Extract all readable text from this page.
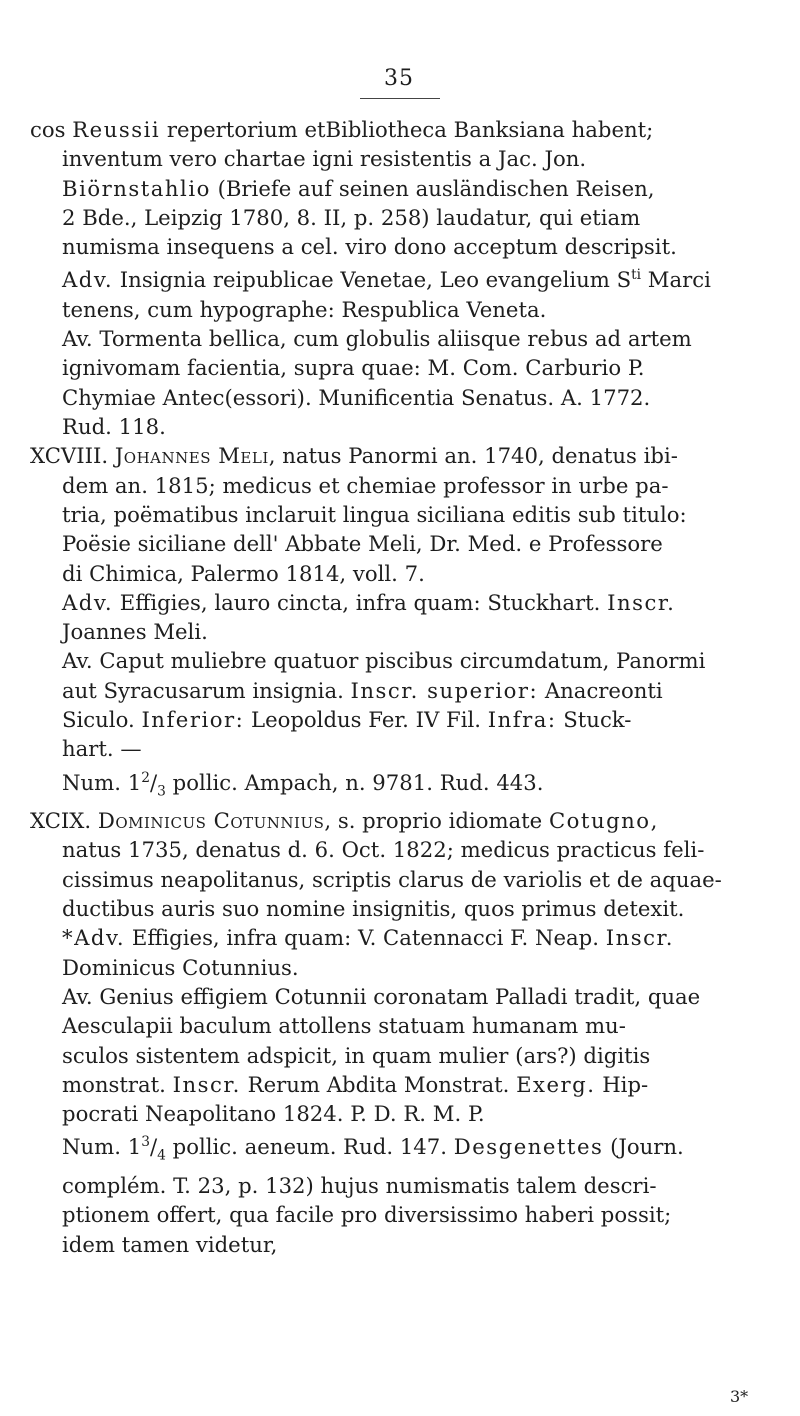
35
cos Reussii repertorium etBibliotheca Banksiana habent;
inventum vero chartae igni resistentis a Jac. Jon.
Biörnstahlio (Briefe auf seinen ausländischen Reisen,
2 Bde., Leipzig 1780, 8. II, p. 258) laudatur, qui etiam
numisma insequens a cel. viro dono acceptum descripsit.
Adv. Insignia reipublicae Venetae, Leo evangelium $S^{ti}$ Marci
tenens, cum hypographe: Respublica Veneta.
Av. Tormenta bellica, cum globulis aliisque rebus ad artem
ignivomam facientia, supra quae: M. Com. Carburio P.
Chymiae Antec(essori). Munificentia Senatus. A. 1772.
Rud. 118.
XCVIII. Johannes Meli, natus Panormi an. 1740, denatus ibi-
dem an. 1815; medicus et chemiae professor in urbe pa-
tria, poëmatibus inclaruit lingua siciliana editis sub titulo:
Poësie siciliane dell' Abbate Meli, Dr. Med. e Professore
di Chimica, Palermo 1814, voll. 7.
Adv. Effigies, lauro cincta, infra quam: Stuckhart. Inscr.
Joannes Meli.
Av. Caput muliebre quatuor piscibus circumdatum, Panormi
aut Syracusarum insignia. Inscr. superior: Anacreonti
Siculo. Inferior: Leopoldus Fer. IV Fil. Infra: Stuck-
hart. —
Num. $1^2/_3$ pollic. Ampach, n. 9781. Rud. 443.
XCIX. Dominicus Cotunnius, s. proprio idiomate Cotugno,
natus 1735, denatus d. 6. Oct. 1822; medicus practicus feli-
cissimus neapolitanus, scriptis clarus de variolis et de aquae-
ductibus auris suo nomine insignitis, quos primus detexit.
*Adv. Effigies, infra quam: V. Catennacci F. Neap. Inscr.
Dominicus Cotunnius.
Av. Genius effigiem Cotunnii coronatam Palladi tradit, quae
Aesculapii baculum attollens statuam humanam mu-
sculos sistentem adspicit, in quam mulier (ars?) digitis
monstrat. Inscr. Rerum Abdita Monstrat. Exerg. Hip-
pocrati Neapolitano 1824. P. D. R. M. P.
Num. $1^3/_4$ pollic. aeneum. Rud. 147. Desgenettes (Journ.
complém. T. 23, p. 132) hujus numismatis talem descri-
ptionem offert, qua facile pro diversissimo haberi possit;
idem tamen videtur,
3*
